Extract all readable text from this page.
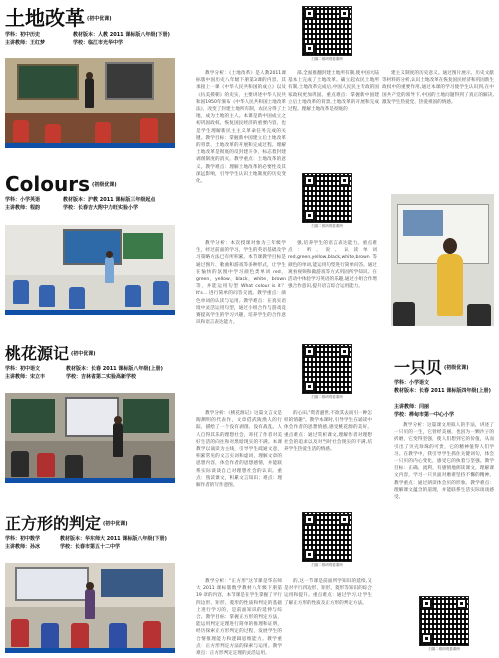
土地改革 (初中优课)
学科：初中历史
主讲教师：王红梦
教材版本：人教 2011 课标版八年级(下册)
学校：临江市光华中学
扫描二维码观看课例

教学分析：《土地改革》是人教2011课标版中国历史八年级下册第3课的内容，其承接上一课《中华人民共和国的成立》以及《抗美援朝》的史实，主要讲述中华人民共和国1950年颁布《中华人民共和国土地改革法》，改变了封建土地所有制，农民分得了土地，成为土地的主人。本课是新中国成立之初巩固政权、恢复国民经济的重要内容，也是学生理解新民主主义革命任务完成的关键。教学目标：掌握新中国建立后土地改革的背景、土地改革的开展和完成过程。理解土地改革是彻底的反封建斗争，标志着封建剥削制度的消灭。教学重点：土地改革的意义。教学难点：理解土地改革的必要性及其深远影响，引导学生认识土地制度的历史变化。

部,全面推翻封建土地所有制,使中国大陆基本上完成了土地改革。确立起农民土地所有制,土地改革完成后,中国人民民主专政的国家政权更加巩固。重点难点：掌握新中国建立后土地改革的背景,土地改革的开展和完成过程。理解土地改革是彻底的

建主义制度的历史意义。通过图片展示、历史文献等材料的分析,认识土地改革在恢复国民经济和巩固新生政权中的重要作用,通过本课的学习使学生认识到,在中国共产党的领导下,中国的土地问题得到了真正的解决,激发学生热爱党、热爱祖国的情感。

Colours (初级优课)
学科：小学英语
主讲教师：程韵
教材版本：沪教 2011 课标版三年级起点
学校：长春吉大附中力旺实验小学
扫描二维码观看课例

教学分析：本次授课对象为三年级学生，经过前面的学习，学生的英语基础及学习策略方法已有所积累。本节课教学目标是通过图片、歌曲和游戏等多种形式，让学生在愉快的氛围中学习颜色类单词 red，green，yellow，black，white，brown 等，并能运用句型 What colour is it？It's... 进行简单的问答交流。教学重点：颜色单词的认读与运用。教学难点：在真实语境中灵活运用句型，通过小组合作与游戏竞赛提高学生的学习兴趣，培养学生的合作意识和语言表达能力。

强,培养学生的语言表达能力。重点难点：听、说、认读单词 red,green,yellow,black,white,brown 等颜色的单词,能运用句型进行简单问答。通过观看视频和做游戏等方式巩固所学知识。在活动中体验学习英语的乐趣,通过小组合作增强合作意识,提升语言综合运用能力。

桃花源记 (初中优课)
学科：初中语文
主讲教师：宋立丰
教材版本：长春 2011 课标版八年级(上册)
学校：吉林省第二实验高新学校
扫描二维码观看课例

教学分析：《桃花源记》这篇文言文是陶渊明的代表作，文章借武陵渔人的行踪，描绘了一个没有剥削、没有战乱、人人自得其乐的理想社会，寄托了作者对美好生活的向往和对黑暗现实的不满。本课教学以诵读为主线，引导学生疏通文意，积累常见的文言实词和虚词，理解文章的思想内容，体会作者的思想感情，并能联系实际谈谈自己对理想社会的认识。重点：熟读课文，积累文言知识；难点：理解作者的写作意图。

的心田,"资者避世,不欲其去而引一种怎样的情趣"。教学本课时,引导学生在诵读中体会作者的思想情感,感受桃花源的美好。重点难点：通过赏析课文,理解作者对理想社会的追求以及对当时社会现实的不满,培养学生热爱生活的情感。

一只贝 (初级优课)
学科：小学语文
教材版本：长春 2011 课标版四年级(上册)
主讲教师：闫丽
学校：桦甸市第一中心小学

教学分析：这篇课文用拟人的手法，讲述了一只贝的一生，它曾经美丽，也因为一颗沙子的折磨，它变得坚强，使人们想到它的价值，从而引出了贝壳珍珠的可贵，它的精神值得人们学习。在教学中，我引导学生抓住关键词句，体会一只贝的内心变化，感受它的执着与坚强。教学目标：正确、流利、有感情地朗读课文，理解课文内容，学习一只贝面对磨难坚持不懈的精神。教学重点：通过朗读体会贝的形象。教学难点：理解课文蕴含的道理，并能联系生活实际谈谈感受。

扫描二维码观看课例
正方形的判定 (初中优课)
学科：初中数学
主讲教师：孙冰
教材版本：华东师大 2011 课标版八年级(下册)
学校：长春市第五十二中学
扫描二维码观看课例

教学分析："正方形"这节课是华东师大 2011 课标版数学教材八年级下册第 19 章的内容，本节课是在学生掌握了平行四边形、矩形、菱形的性质和判定的基础上进行学习的，是前面知识的延伸与综合。教学目标：掌握正方形的判定方法，能运用判定定理进行简单的推理和证明，经历探索正方形判定的过程，发展学生的合情推理能力和逻辑思维能力。教学重点：正方形判定方法的探索与运用。教学难点：正方形判定定理的灵活运用。

的,这一节课是前面所学知识的延续,又是对平行四边形、矩形、菱形等知识的综合运用和提升。重点难点：通过学习,让学生了解正方形的性质及正方形的判定方法。
